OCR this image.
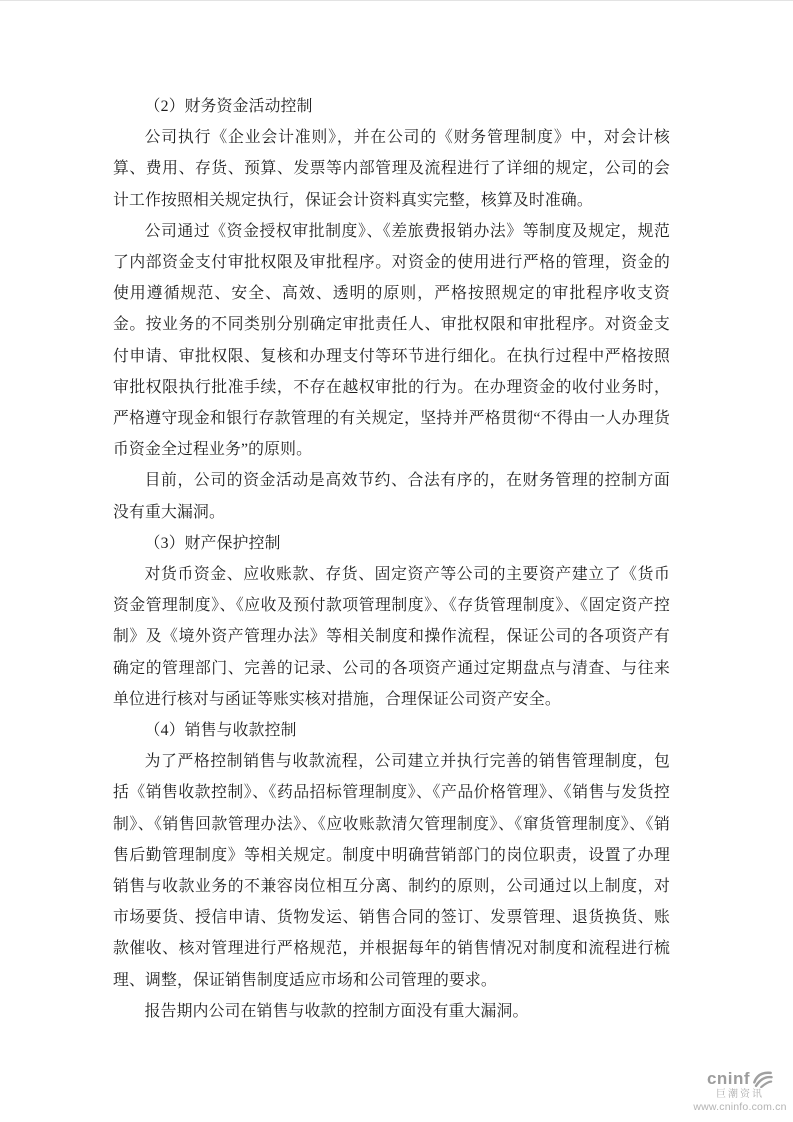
（2）财务资金活动控制

公司执行《企业会计准则》，并在公司的《财务管理制度》中，对会计核算、费用、存货、预算、发票等内部管理及流程进行了详细的规定，公司的会计工作按照相关规定执行，保证会计资料真实完整，核算及时准确。

公司通过《资金授权审批制度》、《差旅费报销办法》等制度及规定，规范了内部资金支付审批权限及审批程序。对资金的使用进行严格的管理，资金的使用遵循规范、安全、高效、透明的原则，严格按照规定的审批程序收支资金。按业务的不同类别分别确定审批责任人、审批权限和审批程序。对资金支付申请、审批权限、复核和办理支付等环节进行细化。在执行过程中严格按照审批权限执行批准手续，不存在越权审批的行为。在办理资金的收付业务时，严格遵守现金和银行存款管理的有关规定，坚持并严格贯彻“不得由一人办理货币资金全过程业务”的原则。

目前，公司的资金活动是高效节约、合法有序的，在财务管理的控制方面没有重大漏洞。

（3）财产保护控制

对货币资金、应收账款、存货、固定资产等公司的主要资产建立了《货币资金管理制度》、《应收及预付款项管理制度》、《存货管理制度》、《固定资产控制》及《境外资产管理办法》等相关制度和操作流程，保证公司的各项资产有确定的管理部门、完善的记录、公司的各项资产通过定期盘点与清查、与往来单位进行核对与函证等账实核对措施，合理保证公司资产安全。

（4）销售与收款控制

为了严格控制销售与收款流程，公司建立并执行完善的销售管理制度，包括《销售收款控制》、《药品招标管理制度》、《产品价格管理》、《销售与发货控制》、《销售回款管理办法》、《应收账款清欠管理制度》、《窜货管理制度》、《销售后勤管理制度》等相关规定。制度中明确营销部门的岗位职责，设置了办理销售与收款业务的不兼容岗位相互分离、制约的原则，公司通过以上制度，对市场要货、授信申请、货物发运、销售合同的签订、发票管理、退货换货、账款催收、核对管理进行严格规范，并根据每年的销售情况对制度和流程进行梳理、调整，保证销售制度适应市场和公司管理的要求。

报告期内公司在销售与收款的控制方面没有重大漏洞。

cninf
巨潮资讯
www.cninfo.com.cn
